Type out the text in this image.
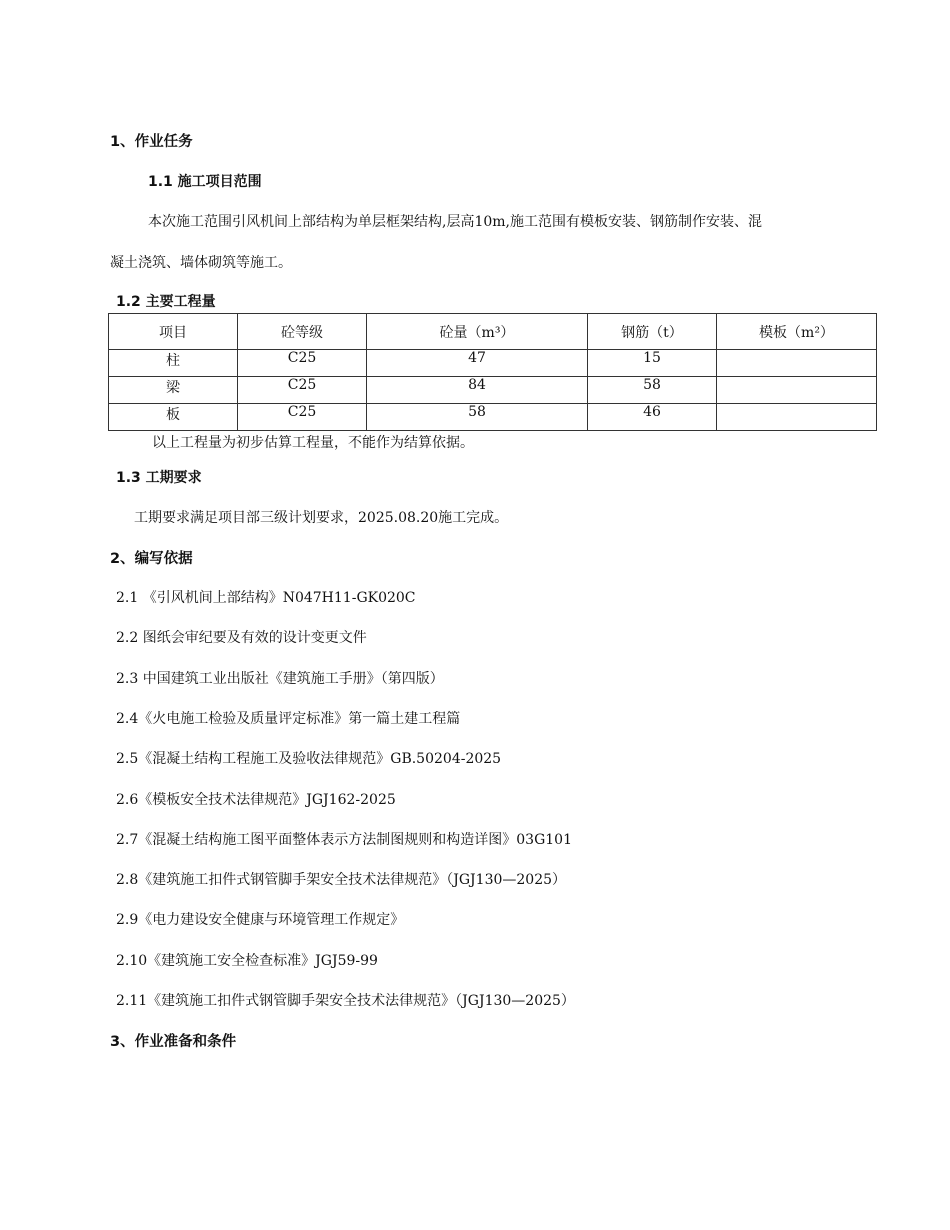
1、作业任务
1.1 施工项目范围
本次施工范围引风机间上部结构为单层框架结构,层高10m,施工范围有模板安装、钢筋制作安装、混
凝土浇筑、墙体砌筑等施工。
1.2 主要工程量
项目	砼等级	砼量（m³）	钢筋（t）	模板（m²）
柱	C25	47	15	
梁	C25	84	58	
板	C25	58	46	
以上工程量为初步估算工程量，不能作为结算依据。
1.3 工期要求
工期要求满足项目部三级计划要求，2025.08.20施工完成。
2、编写依据
2.1 《引风机间上部结构》N047H11-GK020C
2.2 图纸会审纪要及有效的设计变更文件
2.3 中国建筑工业出版社《建筑施工手册》（第四版）
2.4《火电施工检验及质量评定标准》第一篇土建工程篇
2.5《混凝土结构工程施工及验收法律规范》GB.50204-2025
2.6《模板安全技术法律规范》JGJ162-2025
2.7《混凝土结构施工图平面整体表示方法制图规则和构造详图》03G101
2.8《建筑施工扣件式钢管脚手架安全技术法律规范》（JGJ130—2025）
2.9《电力建设安全健康与环境管理工作规定》
2.10《建筑施工安全检查标准》JGJ59-99
2.11《建筑施工扣件式钢管脚手架安全技术法律规范》（JGJ130—2025）
3、作业准备和条件
